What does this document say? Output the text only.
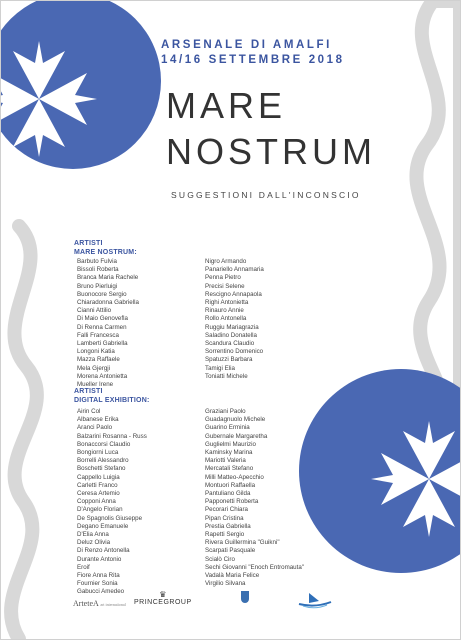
ARSENALE DI AMALFI
14/16 SETTEMBRE 2018
MARE
NOSTRUM
SUGGESTIONI DALL'INCONSCIO
ARTISTI
MARE NOSTRUM:
Barbuto Fulvia
Bissoli Roberta
Branca Maria Rachele
Bruno Pierluigi
Buonocore Sergio
Chiaradonna Gabriella
Cianni Attilio
Di Maio Genovefla
Di Renna Carmen
Falli Francesca
Lamberti Gabriella
Longoni Katia
Mazza Raffaele
Mela Gjergji
Morena Antonietta
Mueller Irene
Nigro Armando
Panariello Annamaria
Penna Pietro
Precisi Selene
Rescigno Annapaola
Righi Antonietta
Rinauro Annie
Rollo Antonella
Ruggiu Mariagrazia
Saladino Donatella
Scandura Claudio
Sorrentino Domenico
Spatuzzi Barbara
Tamigi Elia
Toniatti Michele
ARTISTI
DIGITAL EXHIBITION:
Airin Col
Albanese Erika
Aranci Paolo
Balzarini Rosanna - Russ
Bonaccorsi Claudio
Bongiorni Luca
Borrelli Alessandro
Boschetti Stefano
Cappello Luigia
Carletti Franco
Ceresa Artemio
Copponi Anna
D'Angelo Florian
De Spagnolis Giuseppe
Degano Emanuele
D'Elia Anna
Deluz Olivia
Di Renzo Antonella
Durante Antonio
Eroif
Fiore Anna Rita
Fournier Sonia
Gabucci Amedeo
Graziani Paolo
Guadagnuolo Michele
Guarino Erminia
Gubernale Margaretha
Guglielmi Maurizio
Kaminsky Marina
Mariotti Valeria
Mercatali Stefano
Milli Matteo-Apecchio
Montuori Raffaella
Pantuliano Gilda
Papponetti Roberta
Pecorari Chiara
Pipan Cristina
Prestia Gabriella
Rapetti Sergio
Rivera Guillermina "Guikni"
Scarpati Pasquale
Scialò Ciro
Sechi Giovanni "Enoch Entromauta"
Vadalà Maria Felice
Virgilio Silvana
ArteteA art international
♛
PRINCEGROUP
Amalfi
